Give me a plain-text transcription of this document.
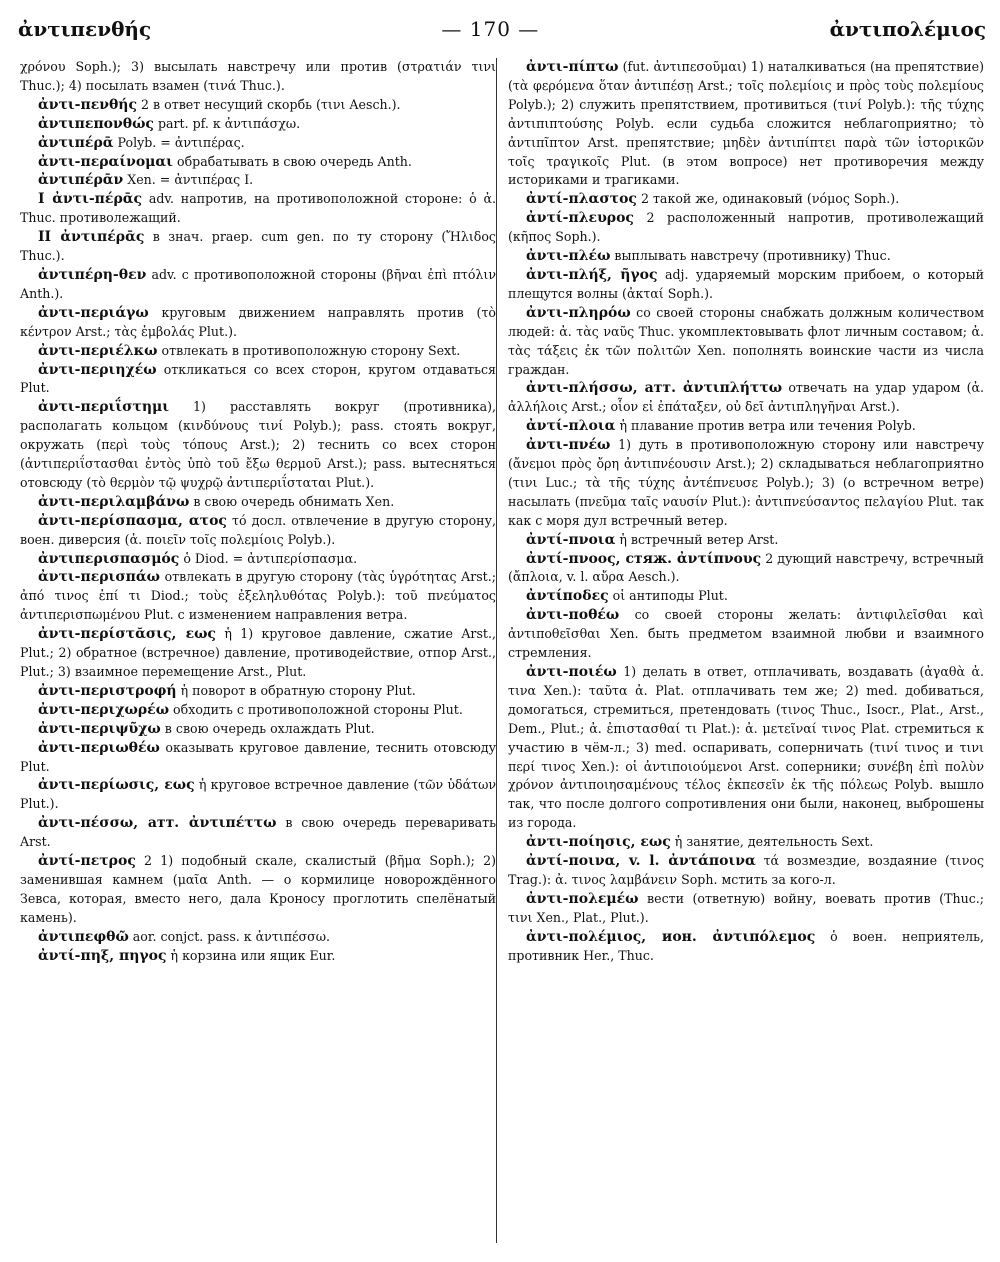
ἀντιπενθής	— 170 —	ἀντιπολέμιος

χρόνου Soph.); 3) высылать навстречу или против (στρατιάν τινι Thuc.); 4) посылать взамен (τινά Thuc.).

ἀντι-πενθής 2 в ответ несущий скорбь (τινι Aesch.).

ἀντιπεπονθώς part. pf. к ἀντιπάσχω.

ἀντιπέρᾱ Polyb. = ἀντιπέρας.

ἀντι-περαίνομαι обрабатывать в свою очередь Anth.

ἀντιπέρᾱν Xen. = ἀντιπέρας I.

I ἀντι-πέρᾱς adv. напротив, на противоположной стороне: ὁ ἀ. Thuc. противолежащий.

II ἀντιπέρᾱς в знач. praep. cum gen. по ту сторону (Ἤλιδος Thuc.).

ἀντιπέρη-θεν adv. с противоположной стороны (βῆναι ἐπὶ πτόλιν Anth.).

ἀντι-περιάγω круговым движением направлять против (τὸ κέντρον Arst.; τὰς ἐμβολάς Plut.).

ἀντι-περιέλκω отвлекать в противоположную сторону Sext.

ἀντι-περιηχέω откликаться со всех сторон, кругом отдаваться Plut.

ἀντι-περιΐστημι 1) расставлять вокруг (противника), располагать кольцом (κινδύνους τινί Polyb.); pass. стоять вокруг, окружать (περὶ τοὺς τόπους Arst.); 2) теснить со всех сторон (ἀντιπεριΐστασθαι ἐντὸς ὑπὸ τοῦ ἔξω θερμοῦ Arst.); pass. вытесняться отовсюду (τὸ θερμὸν τῷ ψυχρῷ ἀντιπεριΐσταται Plut.).

ἀντι-περιλαμβάνω в свою очередь обнимать Xen.

ἀντι-περίσπασμα, ατος τό досл. отвлечение в другую сторону, воен. диверсия (ἀ. ποιεῖν τοῖς πολεμίοις Polyb.).

ἀντιπερισπασμός ὁ Diod. = ἀντιπερίσπασμα.

ἀντι-περισπάω отвлекать в другую сторону (τὰς ὑγρότητας Arst.; ἀπό τινος ἐπί τι Diod.; τοὺς ἐξεληλυθότας Polyb.): τοῦ πνεύματος ἀντιπερισπωμένου Plut. с изменением направления ветра.

ἀντι-περίστᾰσις, εως ἡ 1) круговое давление, сжатие Arst., Plut.; 2) обратное (встречное) давление, противодействие, отпор Arst., Plut.; 3) взаимное перемещение Arst., Plut.

ἀντι-περιστροφή ἡ поворот в обратную сторону Plut.

ἀντι-περιχωρέω обходить с противоположной стороны Plut.

ἀντι-περιψῦχω в свою очередь охлаждать Plut.

ἀντι-περιωθέω оказывать круговое давление, теснить отовсюду Plut.

ἀντι-περίωσις, εως ἡ круговое встречное давление (τῶν ὑδάτων Plut.).

ἀντι-πέσσω, атт. ἀντιπέττω в свою очередь переваривать Arst.

ἀντί-πετρος 2 1) подобный скале, скалистый (βῆμα Soph.); 2) заменившая камнем (μαῖα Anth. — о кормилице новорождённого Зевса, которая, вместо него, дала Кроносу проглотить спелёнатый камень).

ἀντιπεφθῶ aor. conjct. pass. к ἀντιπέσσω.

ἀντί-πηξ, πηγος ἡ корзина или ящик Eur.

ἀντι-πίπτω (fut. ἀντιπεσοῦμαι) 1) наталкиваться (на препятствие) (τὰ φερόμενα ὅταν ἀντιπέσῃ Arst.; τοῖς πολεμίοις и πρὸς τοὺς πολεμίους Polyb.); 2) служить препятствием, противиться (τινί Polyb.): τῆς τύχης ἀντιπιπτούσης Polyb. если судьба сложится неблагоприятно; τὸ ἀντιπῖπτον Arst. препятствие; μηδὲν ἀντιπίπτει παρὰ τῶν ἱστορικῶν τοῖς τραγικοῖς Plut. (в этом вопросе) нет противоречия между историками и трагиками.

ἀντί-πλαστος 2 такой же, одинаковый (νόμος Soph.).

ἀντί-πλευρος 2 расположенный напротив, противолежащий (κῆπος Soph.).

ἀντι-πλέω выплывать навстречу (противнику) Thuc.

ἀντι-πλήξ, ῆγος adj. ударяемый морским прибоем, о который плещутся волны (ἀκταί Soph.).

ἀντι-πληρόω со своей стороны снабжать должным количеством людей: ἀ. τὰς ναῦς Thuc. укомплектовывать флот личным составом; ἀ. τὰς τάξεις ἐκ τῶν πολιτῶν Xen. пополнять воинские части из числа граждан.

ἀντι-πλήσσω, атт. ἀντιπλήττω отвечать на удар ударом (ἀ. ἀλλήλοις Arst.; οἷον εἰ ἐπάταξεν, οὐ δεῖ ἀντιπληγῆναι Arst.).

ἀντί-πλοια ἡ плавание против ветра или течения Polyb.

ἀντι-πνέω 1) дуть в противоположную сторону или навстречу (ἄνεμοι πρὸς ὄρη ἀντιπνέουσιν Arst.); 2) складываться неблагоприятно (τινι Luc.; τὰ τῆς τύχης ἀντέπνευσε Polyb.); 3) (о встречном ветре) насылать (πνεῦμα ταῖς ναυσίν Plut.): ἀντιπνεύσαντος πελαγίου Plut. так как с моря дул встречный ветер.

ἀντί-πνοια ἡ встречный ветер Arst.

ἀντί-πνοος, стяж. ἀντίπνους 2 дующий навстречу, встречный (ἄπλοια, v. l. αὔρα Aesch.).

ἀντίποδες οἱ антиподы Plut.

ἀντι-ποθέω со своей стороны желать: ἀντιφιλεῖσθαι καὶ ἀντιποθεῖσθαι Xen. быть предметом взаимной любви и взаимного стремления.

ἀντι-ποιέω 1) делать в ответ, отплачивать, воздавать (ἀγαθὰ ἀ. τινα Xen.): ταῦτα ἀ. Plat. отплачивать тем же; 2) med. добиваться, домогаться, стремиться, претендовать (τινος Thuc., Isocr., Plat., Arst., Dem., Plut.; ἀ. ἐπιστασθαί τι Plat.): ἀ. μετεῖναί τινος Plat. стремиться к участию в чём-л.; 3) med. оспаривать, соперничать (τινί τινος и τινι περί τινος Xen.): οἱ ἀντιποιούμενοι Arst. соперники; συνέβη ἐπὶ πολὺν χρόνον ἀντιποιησαμένους τέλος ἐκπεσεῖν ἐκ τῆς πόλεως Polyb. вышло так, что после долгого сопротивления они были, наконец, выброшены из города.

ἀντι-ποίησις, εως ἡ занятие, деятельность Sext.

ἀντί-ποινα, v. l. ἀντάποινα τά возмездие, воздаяние (τινος Trag.): ἀ. τινος λαμβάνειν Soph. мстить за кого-л.

ἀντι-πολεμέω вести (ответную) войну, воевать против (Thuc.; τινι Xen., Plat., Plut.).

ἀντι-πολέμιος, ион. ἀντιπόλεμος ὁ воен. неприятель, противник Her., Thuc.
